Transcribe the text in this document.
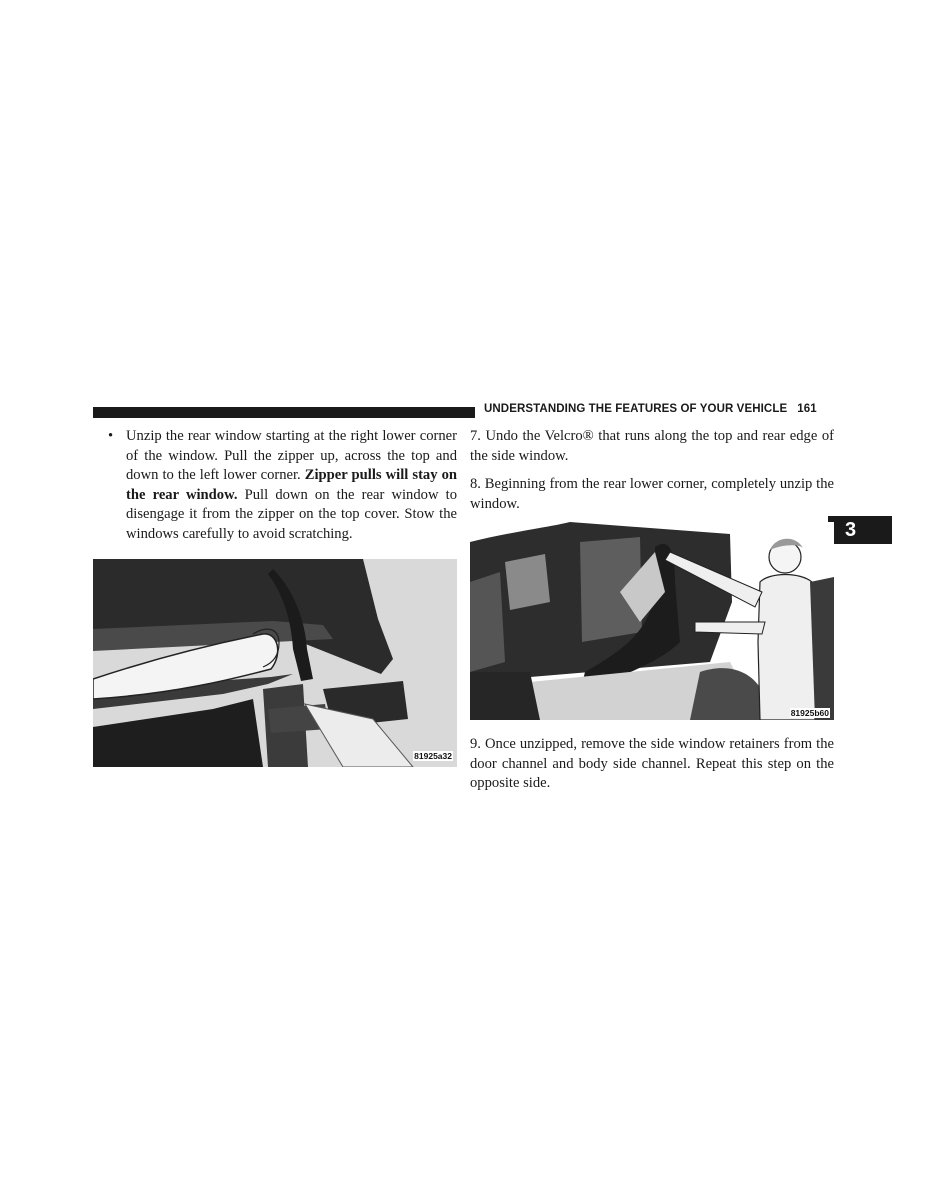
UNDERSTANDING THE FEATURES OF YOUR VEHICLE 161
3
• Unzip the rear window starting at the right lower corner of the window. Pull the zipper up, across the top and down to the left lower corner. Zipper pulls will stay on the rear window. Pull down on the rear window to disengage it from the zipper on the top cover. Stow the windows carefully to avoid scratching.
81925a32

7. Undo the Velcro® that runs along the top and rear edge of the side window.

8. Beginning from the rear lower corner, completely unzip the window.

81925b60
9. Once unzipped, remove the side window retainers from the door channel and body side channel. Repeat this step on the opposite side.
